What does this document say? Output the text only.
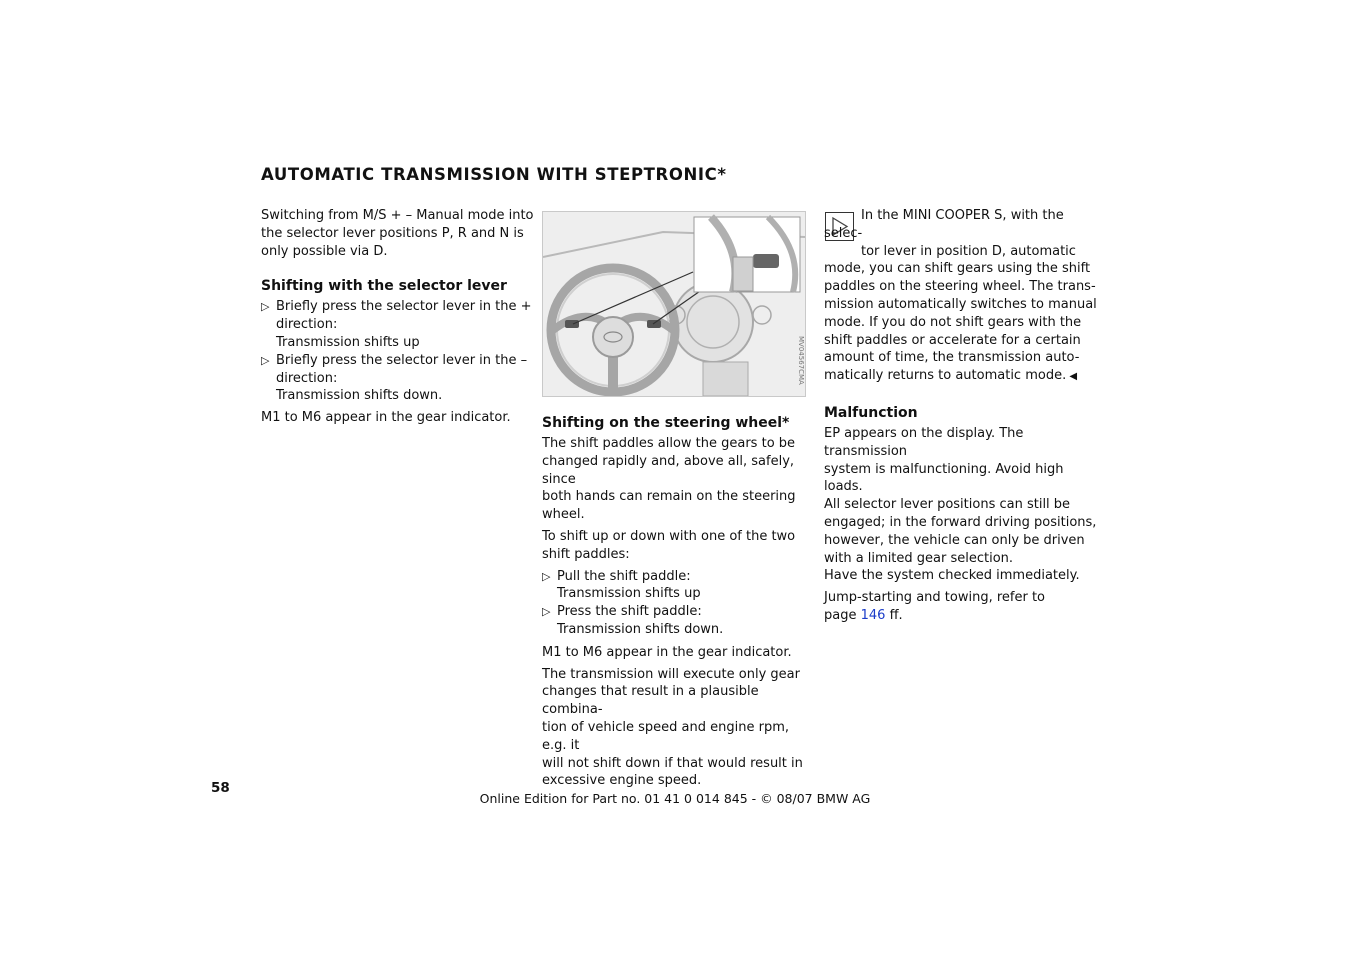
AUTOMATIC TRANSMISSION WITH STEPTRONIC*

Switching from M/S + – Manual mode into
the selector lever positions P, R and N is
only possible via D.

Shifting with the selector lever
▷ Briefly press the selector lever in the +
direction:
Transmission shifts up
▷ Briefly press the selector lever in the –
direction:
Transmission shifts down.

M1 to M6 appear in the gear indicator.

MV04567CMA
Shifting on the steering wheel*

The shift paddles allow the gears to be
changed rapidly and, above all, safely, since
both hands can remain on the steering
wheel.

To shift up or down with one of the two
shift paddles:

▷ Pull the shift paddle:
Transmission shifts up
▷ Press the shift paddle:
Transmission shifts down.

M1 to M6 appear in the gear indicator.

The transmission will execute only gear
changes that result in a plausible combina-
tion of vehicle speed and engine rpm, e.g. it
will not shift down if that would result in
excessive engine speed.

In the MINI COOPER S, with the selec-
tor lever in position D, automatic
mode, you can shift gears using the shift
paddles on the steering wheel. The trans-
mission automatically switches to manual
mode. If you do not shift gears with the
shift paddles or accelerate for a certain
amount of time, the transmission auto-
matically returns to automatic mode. ◀

Malfunction

EP appears on the display. The transmission
system is malfunctioning. Avoid high loads.
All selector lever positions can still be
engaged; in the forward driving positions,
however, the vehicle can only be driven
with a limited gear selection.
Have the system checked immediately.

Jump-starting and towing, refer to
page 146 ff.

58
Online Edition for Part no. 01 41 0 014 845 - © 08/07 BMW AG
